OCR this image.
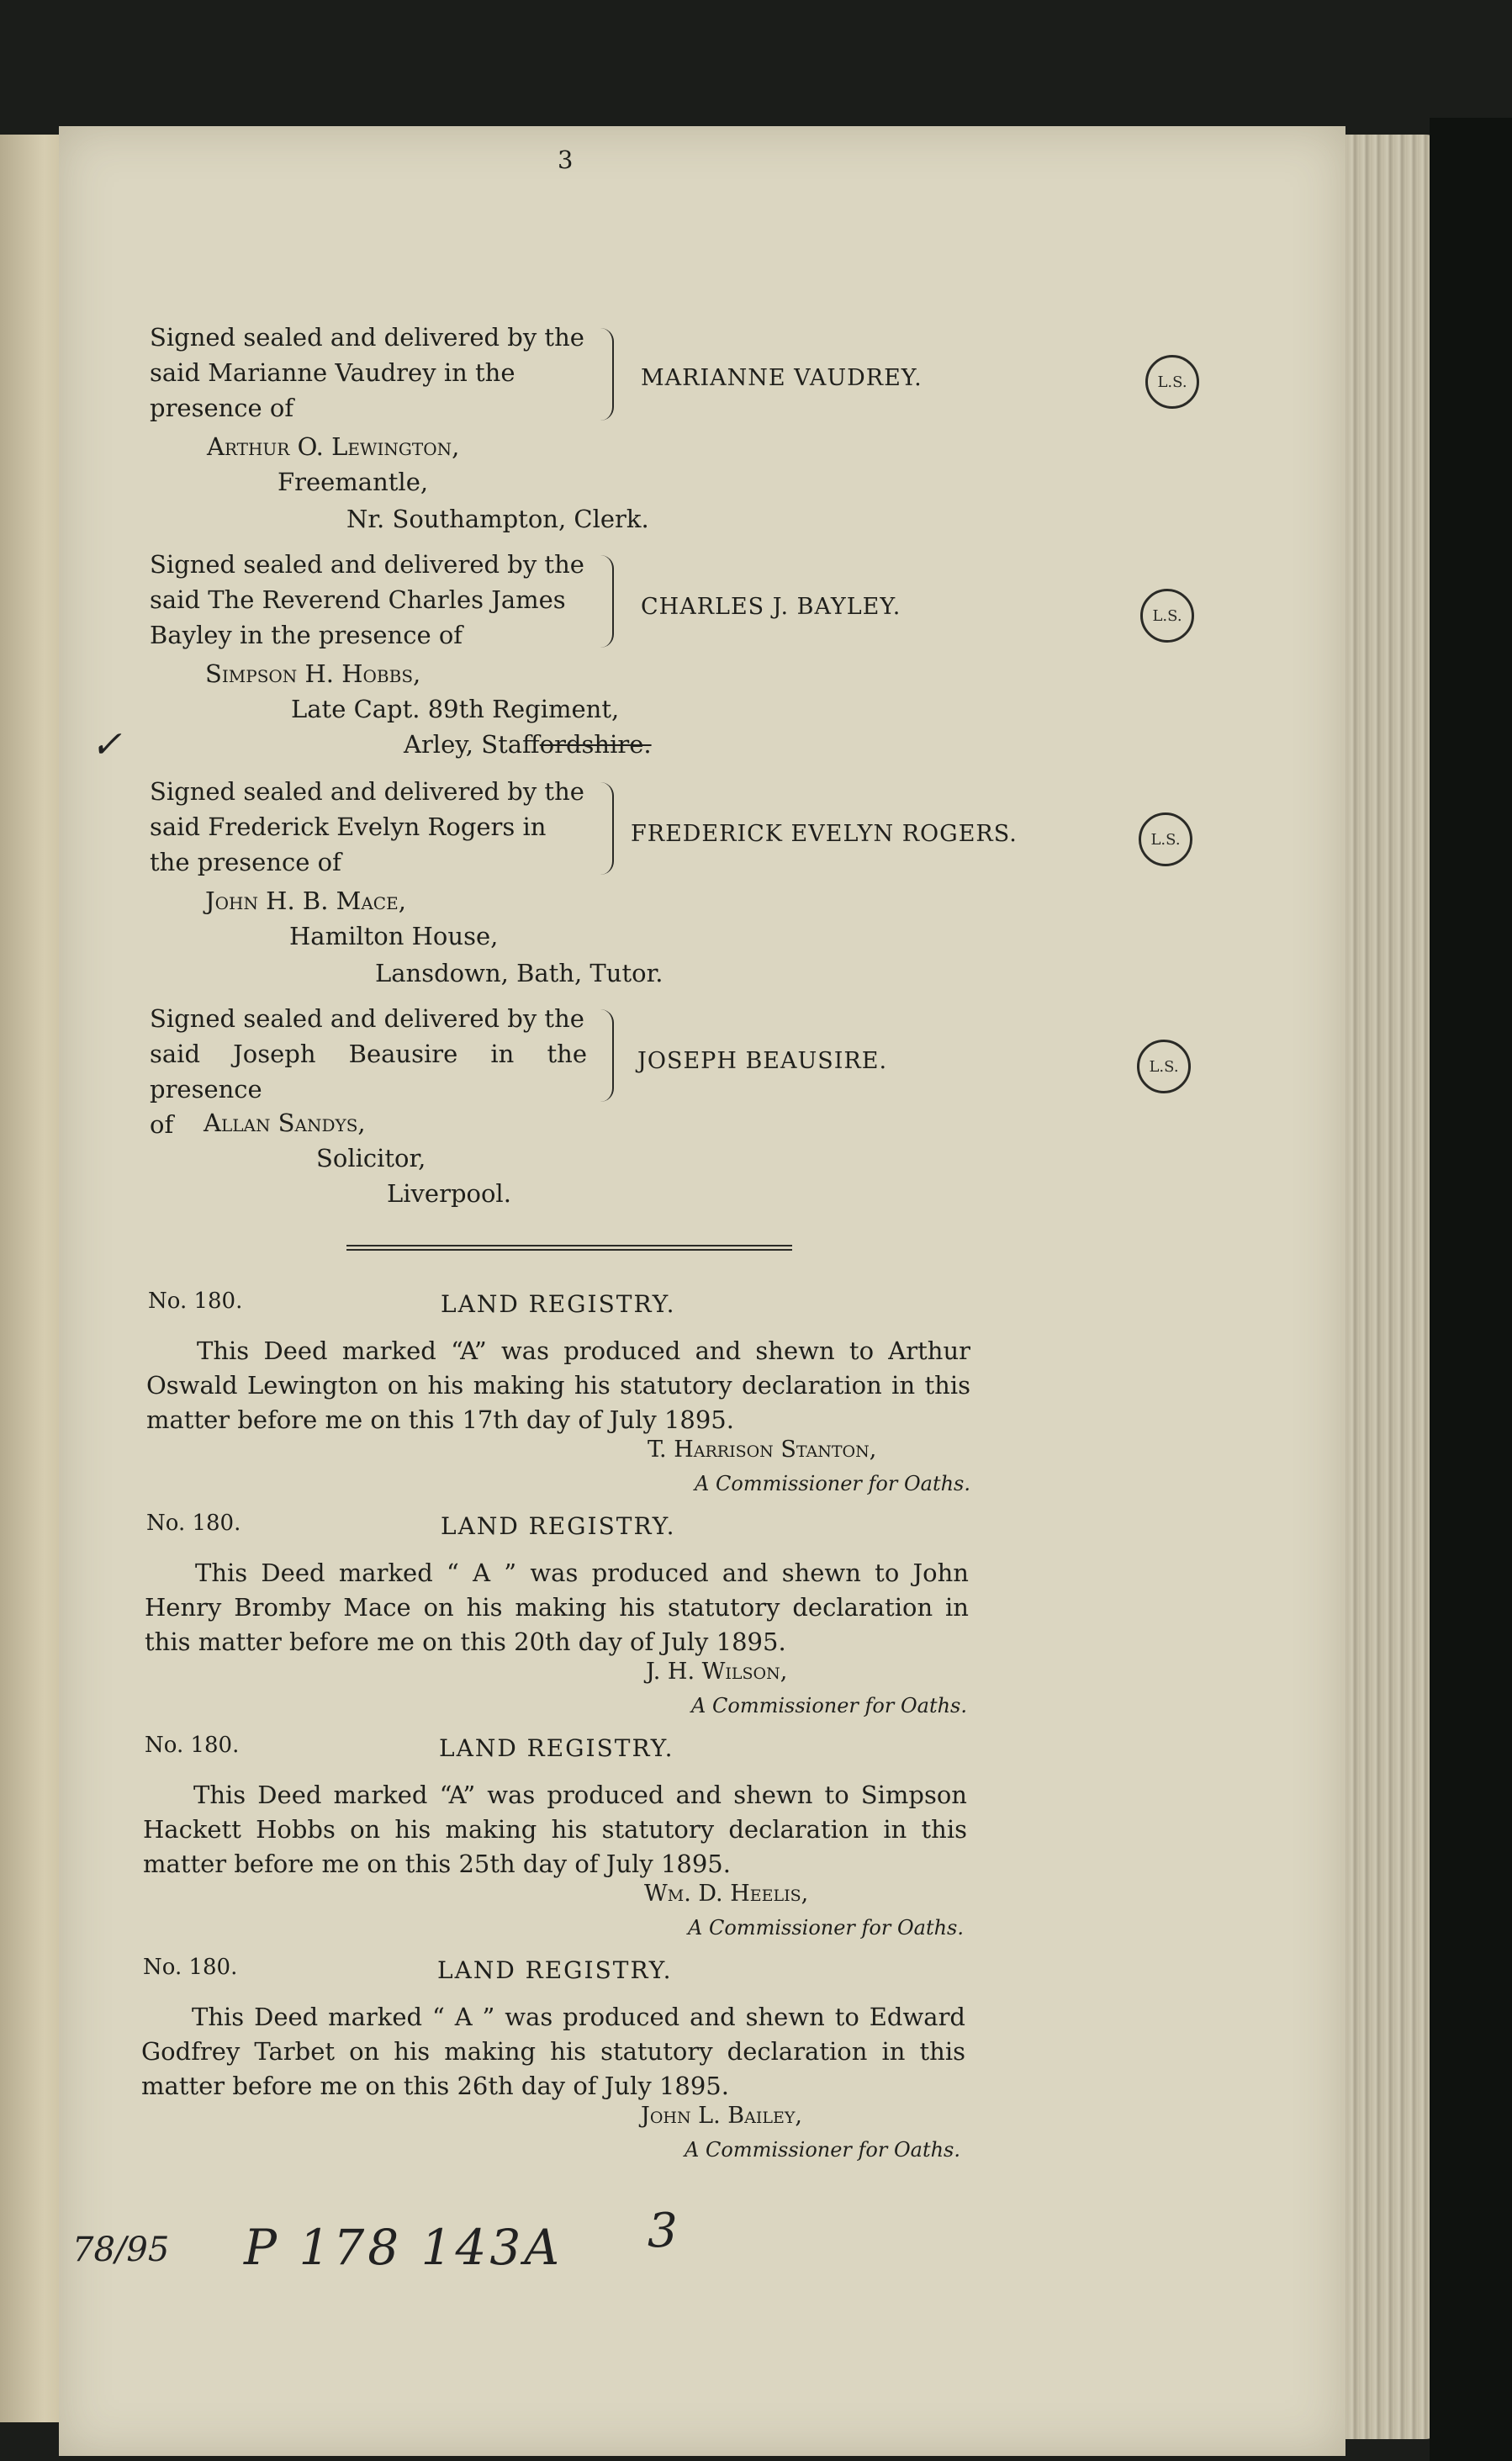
3
Signed sealed and delivered by the
said Marianne Vaudrey in the
presence of
MARIANNE VAUDREY.	L.S.
Arthur O. Lewington,
Freemantle,
Nr. Southampton, Clerk.
Signed sealed and delivered by the
said The Reverend Charles James
Bayley in the presence of
CHARLES J. BAYLEY.	L.S.
Simpson H. Hobbs,
Late Capt. 89th Regiment,
Arley, Staffordshire.
Signed sealed and delivered by the
said Frederick Evelyn Rogers in
the presence of
FREDERICK EVELYN ROGERS.	L.S.
John H. B. Mace,
Hamilton House,
Lansdown, Bath, Tutor.
Signed sealed and delivered by the
said Joseph Beausire in the presence
of
JOSEPH BEAUSIRE.	L.S.
Allan Sandys,
Solicitor,
Liverpool.
No. 180.	LAND REGISTRY.
This Deed marked “A” was produced and shewn to Arthur Oswald Lewington on his making his statutory declaration in this matter before me on this 17th day of July 1895.
T. Harrison Stanton,
A Commissioner for Oaths.
No. 180.	LAND REGISTRY.
This Deed marked “ A ” was produced and shewn to John Henry Bromby Mace on his making his statutory declaration in this matter before me on this 20th day of July 1895.
J. H. Wilson,
A Commissioner for Oaths.
No. 180.	LAND REGISTRY.
This Deed marked “A” was produced and shewn to Simpson Hackett Hobbs on his making his statutory declaration in this matter before me on this 25th day of July 1895.
Wm. D. Heelis,
A Commissioner for Oaths.
No. 180.	LAND REGISTRY.
This Deed marked “ A ” was produced and shewn to Edward Godfrey Tarbet on his making his statutory declaration in this matter before me on this 26th day of July 1895.
John L. Bailey,
A Commissioner for Oaths.
P 178 143A 3
78/95
✓
